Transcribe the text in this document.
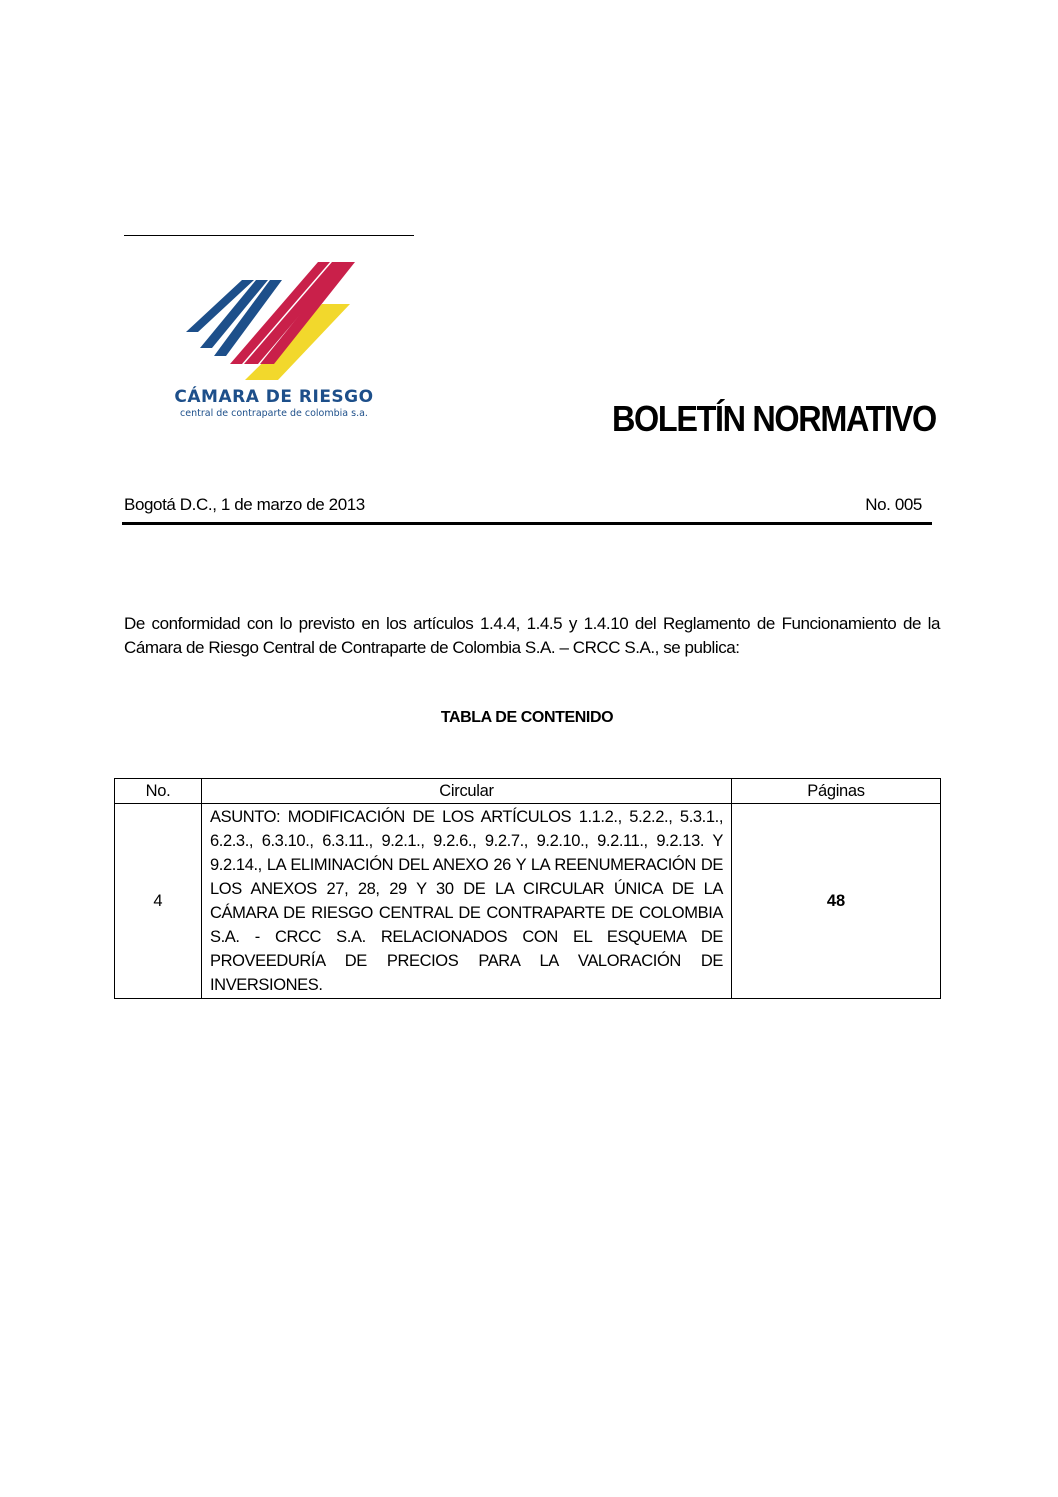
CÁMARA DE RIESGO
central de contraparte de colombia s.a.	BOLETÍN NORMATIVO
Bogotá D.C., 1 de marzo de 2013	No. 005
De conformidad con lo previsto en los artículos 1.4.4, 1.4.5 y 1.4.10 del Reglamento de Funcionamiento de la Cámara de Riesgo Central de Contraparte de Colombia S.A. – CRCC S.A., se publica:
TABLA DE CONTENIDO
No.	Circular	Páginas
4	ASUNTO: MODIFICACIÓN DE LOS ARTÍCULOS 1.1.2., 5.2.2., 5.3.1., 6.2.3., 6.3.10., 6.3.11., 9.2.1., 9.2.6., 9.2.7., 9.2.10., 9.2.11., 9.2.13. Y 9.2.14., LA ELIMINACIÓN DEL ANEXO 26 Y LA REENUMERACIÓN DE LOS ANEXOS 27, 28, 29 Y 30 DE LA CIRCULAR ÚNICA DE LA CÁMARA DE RIESGO CENTRAL DE CONTRAPARTE DE COLOMBIA S.A. - CRCC S.A. RELACIONADOS CON EL ESQUEMA DE PROVEEDURÍA DE PRECIOS PARA LA VALORACIÓN DE INVERSIONES.	48
